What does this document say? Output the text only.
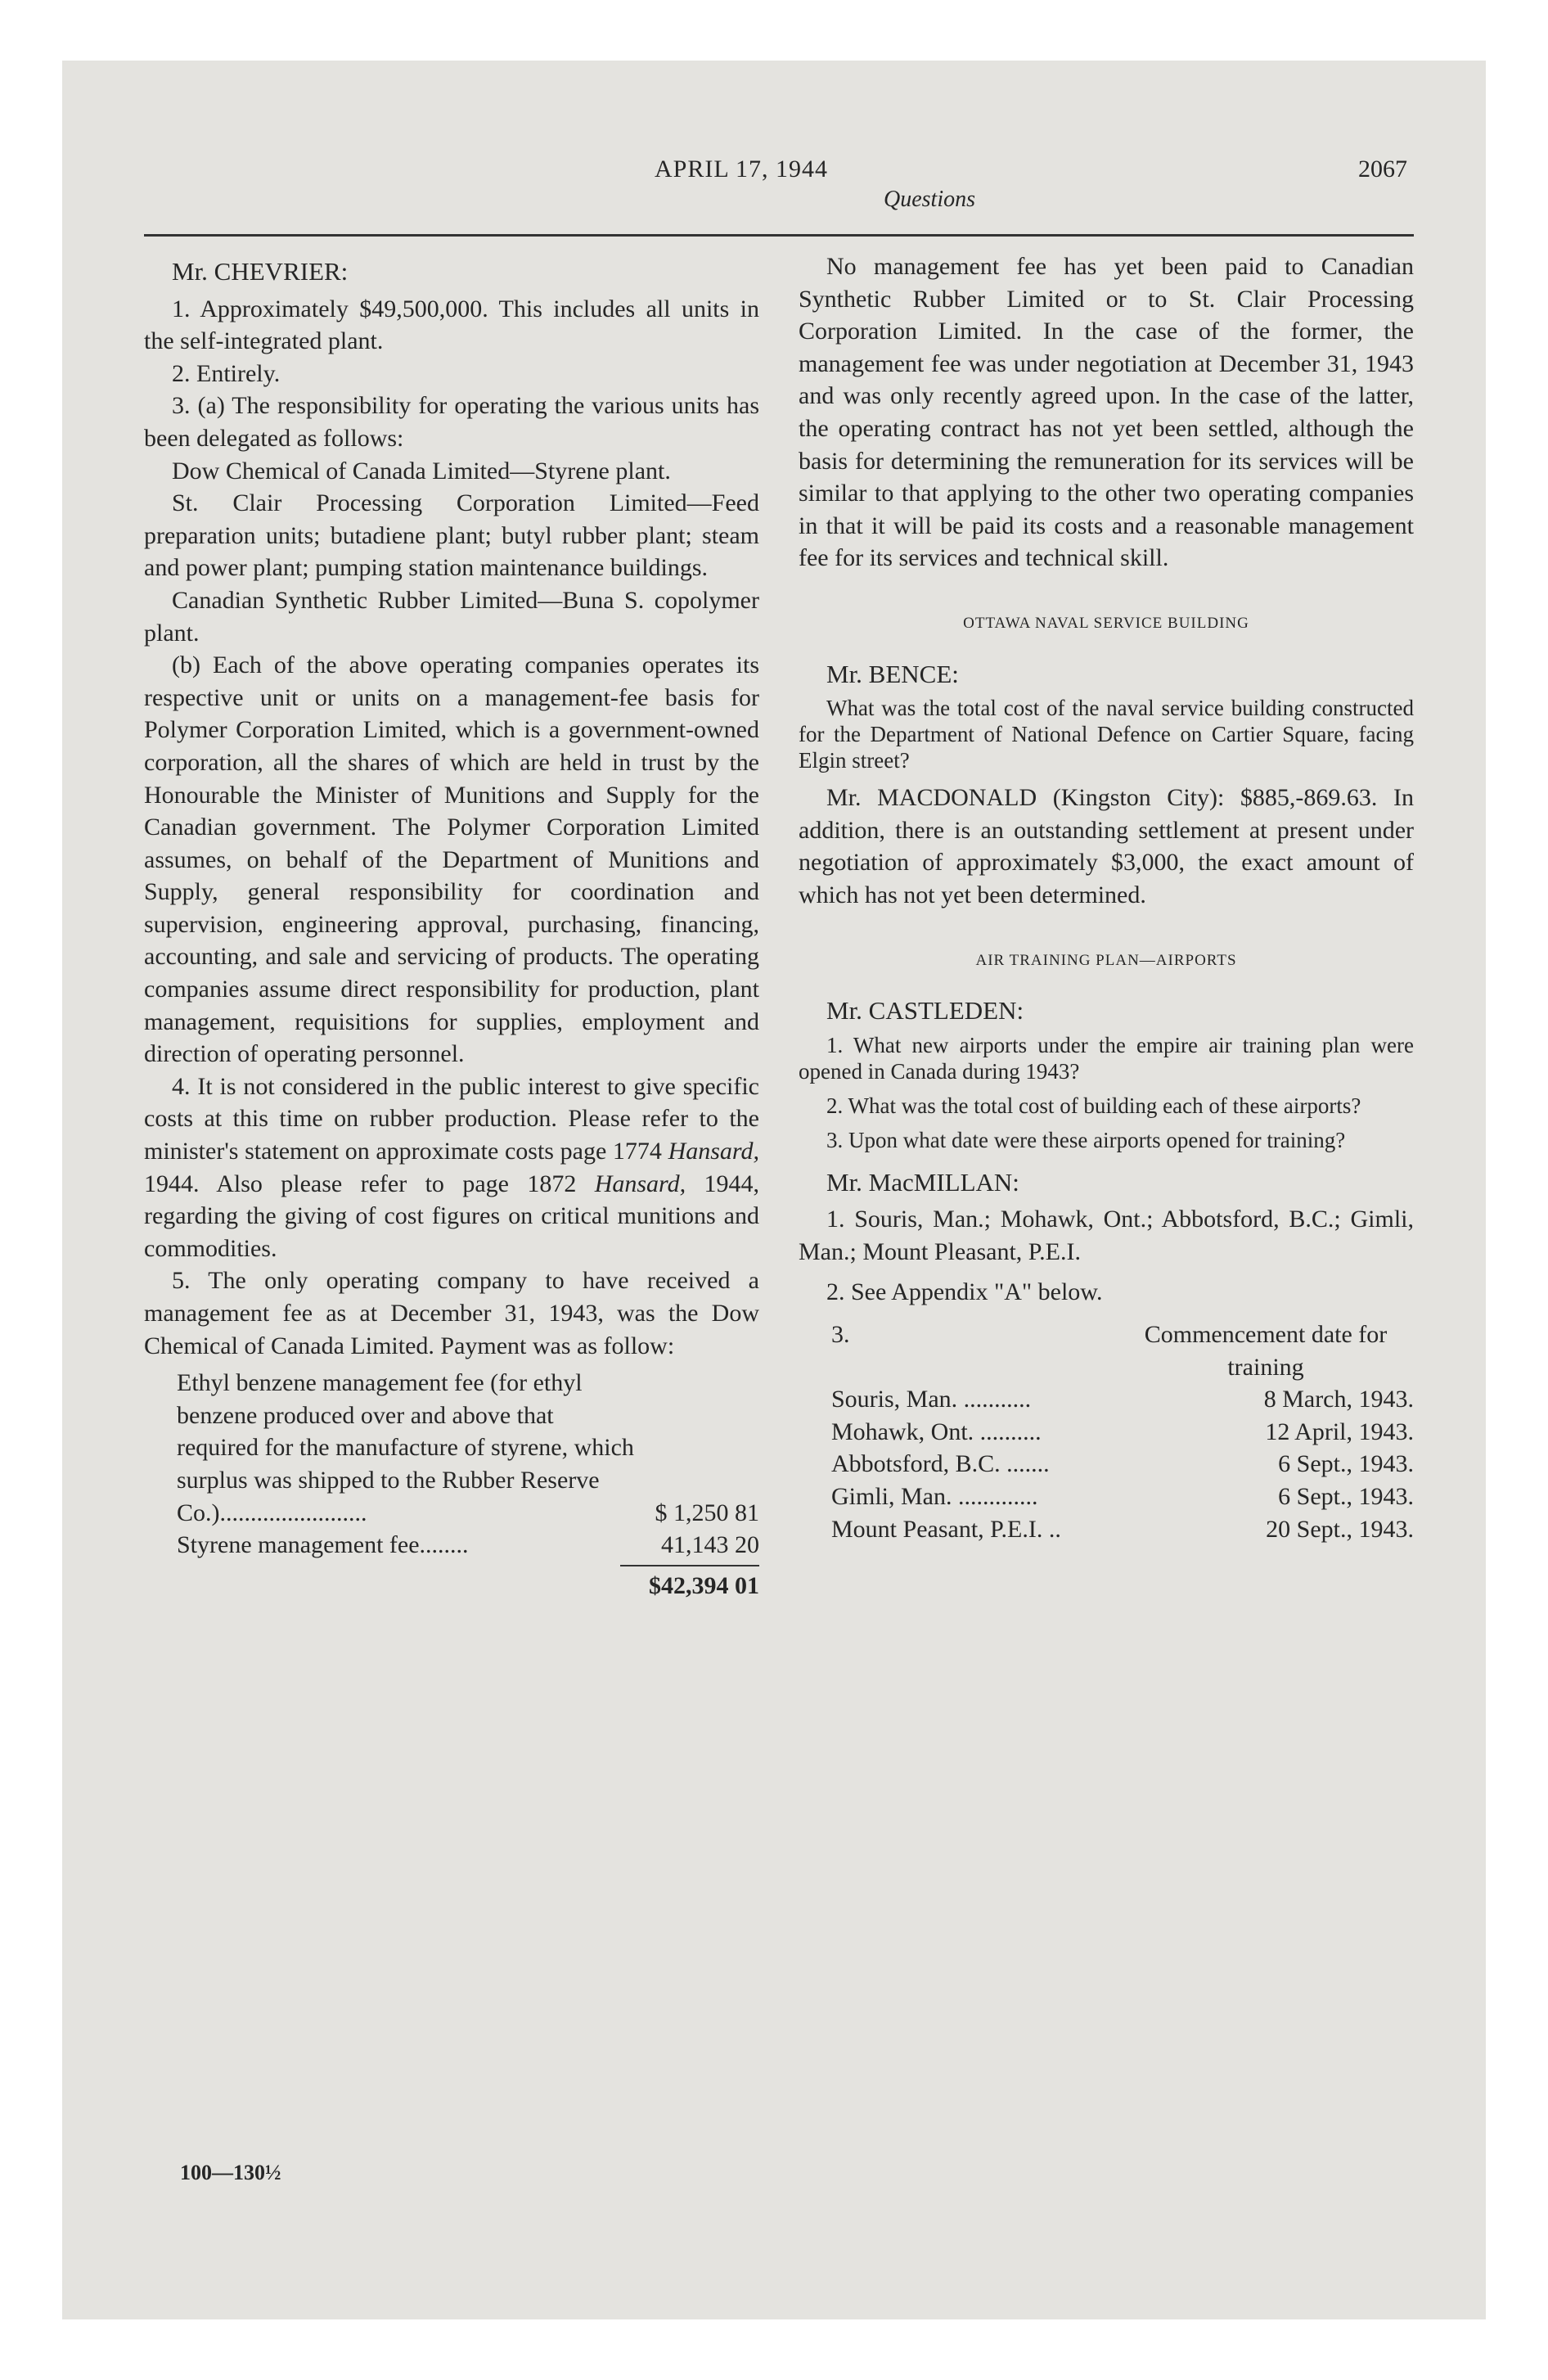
APRIL 17, 1944	2067
Questions

Mr. CHEVRIER:

1. Approximately $49,500,000. This includes all units in the self-integrated plant.

2. Entirely.

3. (a) The responsibility for operating the various units has been delegated as follows:

Dow Chemical of Canada Limited—Styrene plant.

St. Clair Processing Corporation Limited—Feed preparation units; butadiene plant; butyl rubber plant; steam and power plant; pumping station maintenance buildings.

Canadian Synthetic Rubber Limited—Buna S. copolymer plant.

(b) Each of the above operating companies operates its respective unit or units on a management-fee basis for Polymer Corporation Limited, which is a government-owned corporation, all the shares of which are held in trust by the Honourable the Minister of Munitions and Supply for the Canadian government. The Polymer Corporation Limited assumes, on behalf of the Department of Munitions and Supply, general responsibility for coordination and supervision, engineering approval, purchasing, financing, accounting, and sale and servicing of products. The operating companies assume direct responsibility for production, plant management, requisitions for supplies, employment and direction of operating personnel.

4. It is not considered in the public interest to give specific costs at this time on rubber production. Please refer to the minister's statement on approximate costs page 1774 Hansard, 1944. Also please refer to page 1872 Hansard, 1944, regarding the giving of cost figures on critical munitions and commodities.

5. The only operating company to have received a management fee as at December 31, 1943, was the Dow Chemical of Canada Limited. Payment was as follow:

Ethyl benzene management fee (for ethyl benzene produced over and above that required for the manufacture of styrene, which surplus was shipped to the Rubber Reserve Co.)........................	$ 1,250 81
Styrene management fee........	41,143 20
$42,394 01

No management fee has yet been paid to Canadian Synthetic Rubber Limited or to St. Clair Processing Corporation Limited. In the case of the former, the management fee was under negotiation at December 31, 1943 and was only recently agreed upon. In the case of the latter, the operating contract has not yet been settled, although the basis for determining the remuneration for its services will be similar to that applying to the other two operating companies in that it will be paid its costs and a reasonable management fee for its services and technical skill.

OTTAWA NAVAL SERVICE BUILDING

Mr. BENCE:

What was the total cost of the naval service building constructed for the Department of National Defence on Cartier Square, facing Elgin street?

Mr. MACDONALD (Kingston City): $885,-869.63. In addition, there is an outstanding settlement at present under negotiation of approximately $3,000, the exact amount of which has not yet been determined.

AIR TRAINING PLAN—AIRPORTS

Mr. CASTLEDEN:

1. What new airports under the empire air training plan were opened in Canada during 1943?

2. What was the total cost of building each of these airports?

3. Upon what date were these airports opened for training?

Mr. MacMILLAN:

1. Souris, Man.; Mohawk, Ont.; Abbotsford, B.C.; Gimli, Man.; Mount Pleasant, P.E.I.

2. See Appendix "A" below.

3.	Commencement date for training
Souris, Man. ...........	8 March, 1943.
Mohawk, Ont. ..........	12 April, 1943.
Abbotsford, B.C. .......	6 Sept., 1943.
Gimli, Man. .............	6 Sept., 1943.
Mount Peasant, P.E.I. ..	20 Sept., 1943.
100—130½
